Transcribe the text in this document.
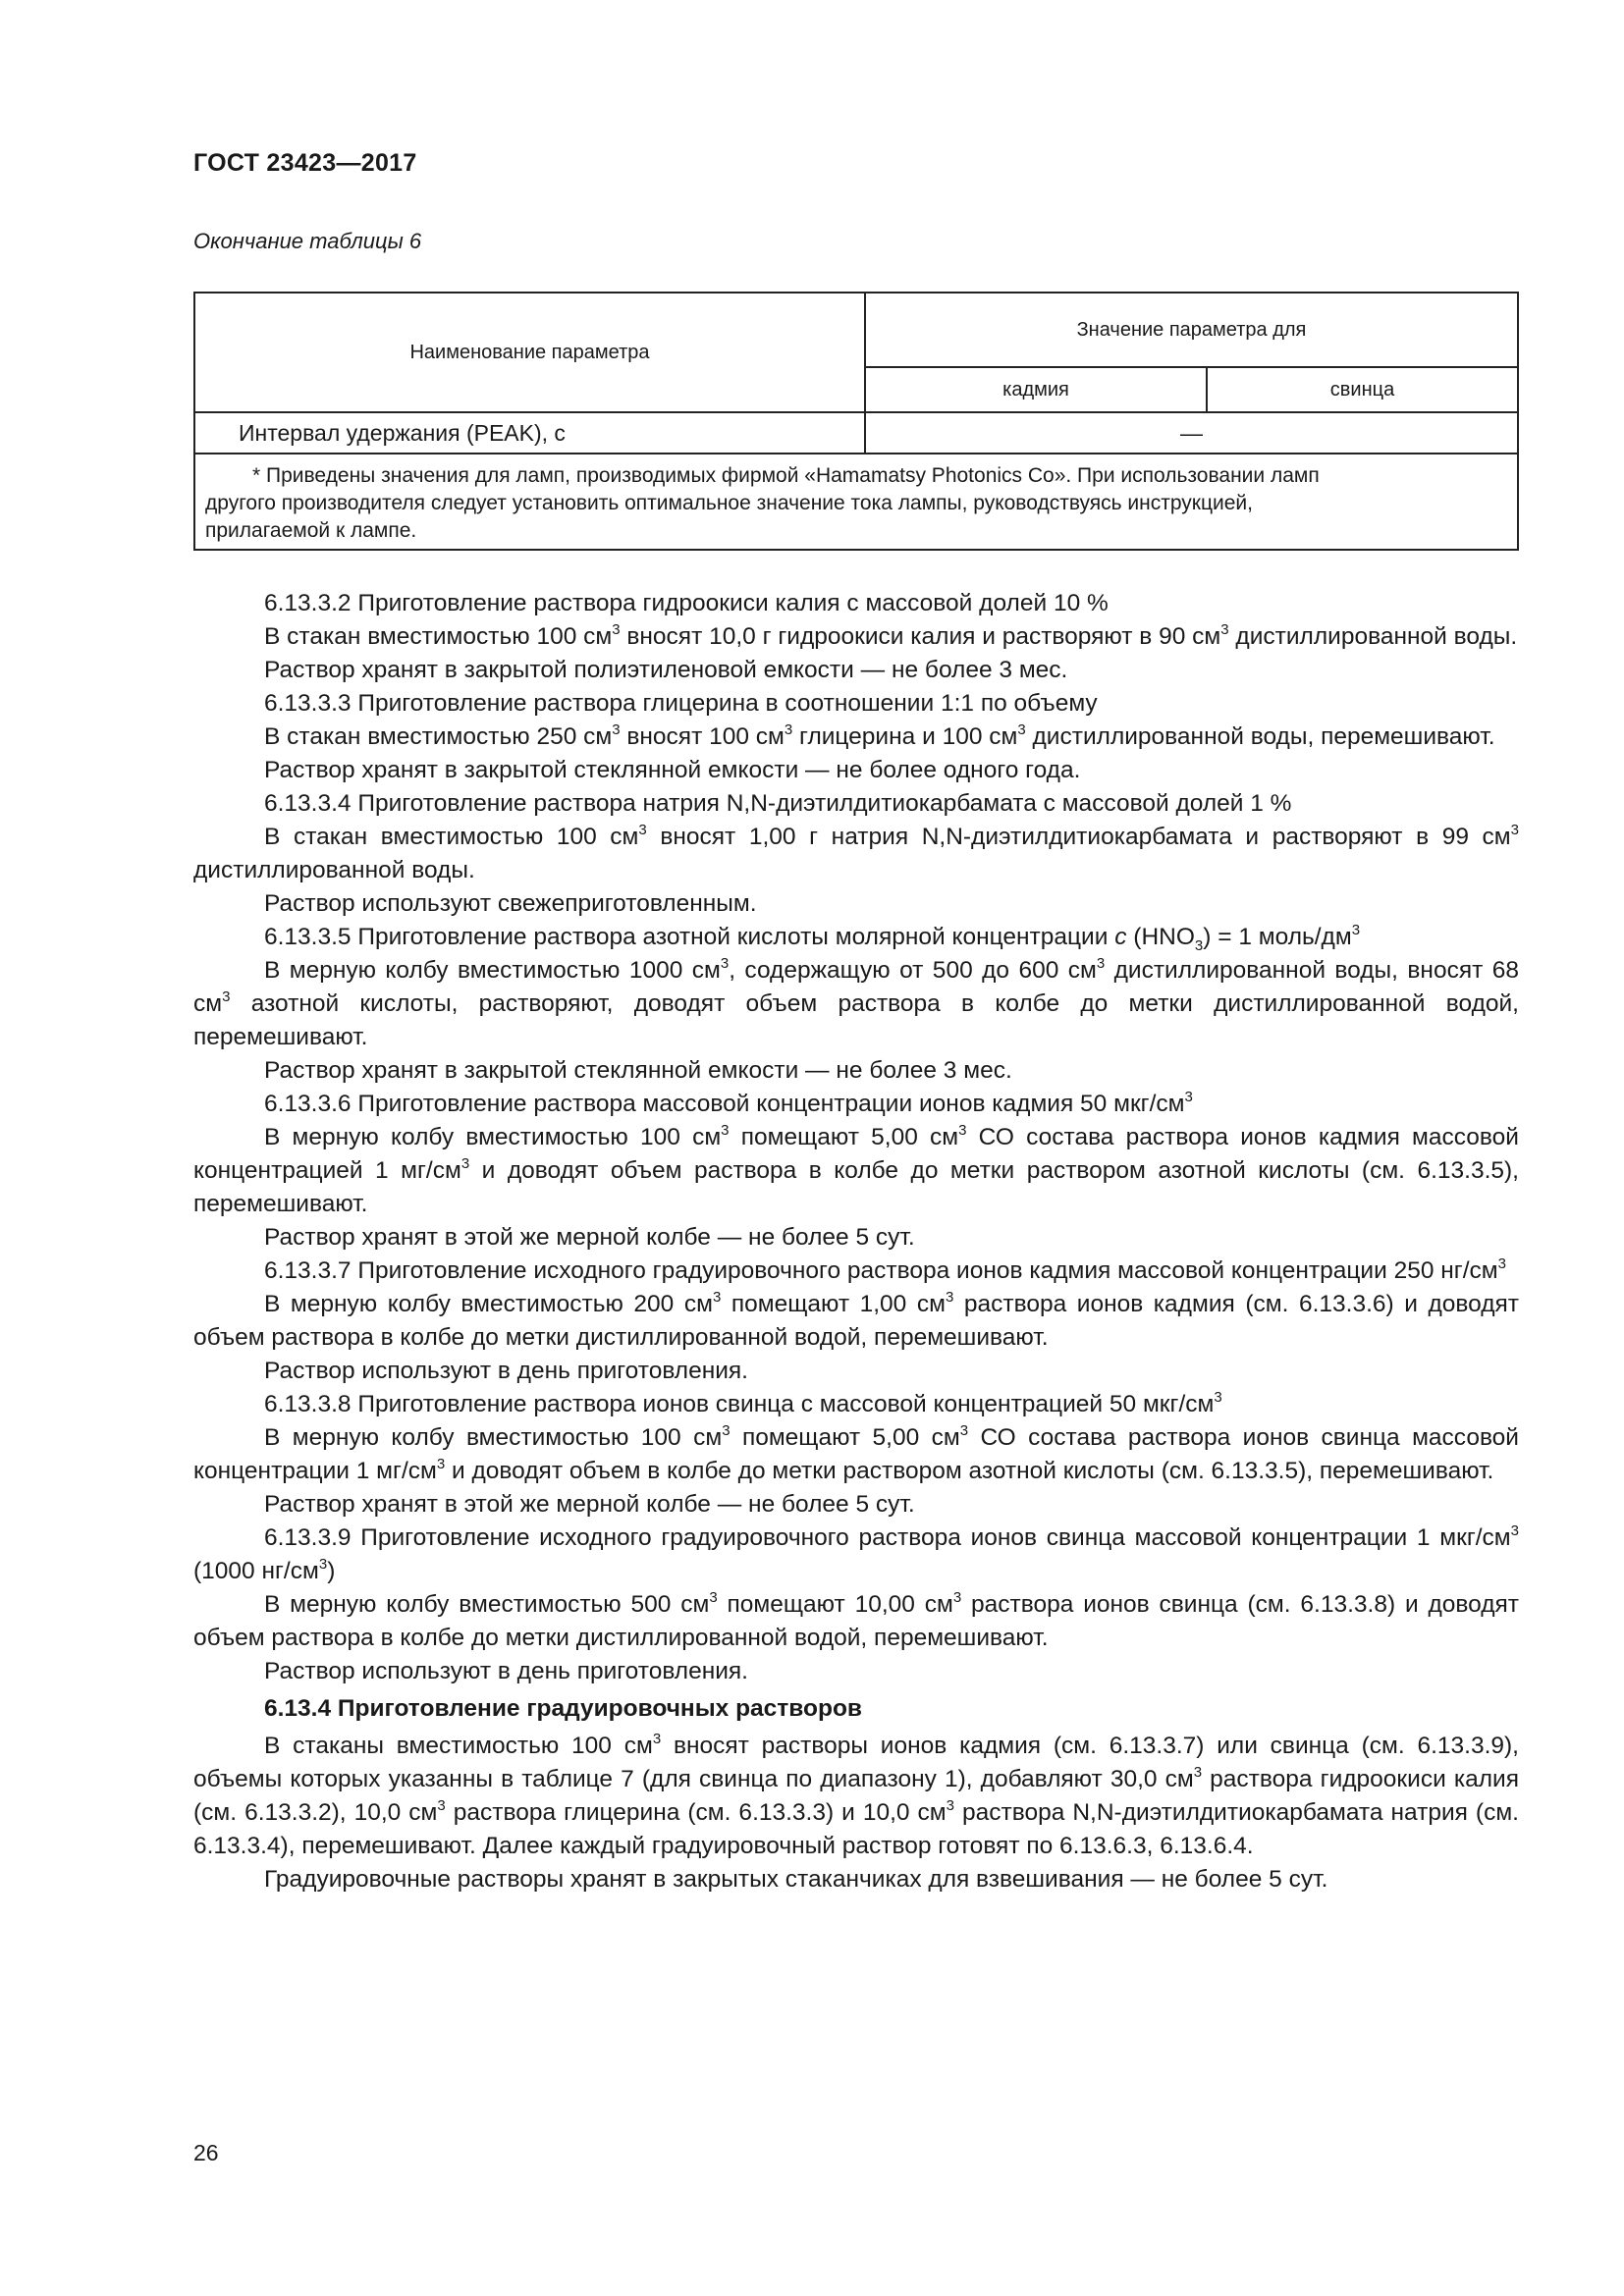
ГОСТ 23423—2017
Окончание таблицы 6
Наименование параметра	Значение параметра для	
	кадмия	свинца
Интервал удержания (PEAK), с	—	

* Приведены значения для ламп, производимых фирмой «Hamamatsy Photonics Co». При использовании ламп
другого производителя следует установить оптимальное значение тока лампы, руководствуясь инструкцией,
прилагаемой к лампе.		

6.13.3.2 Приготовление раствора гидроокиси калия с массовой долей 10 %

В стакан вместимостью 100 $см^3$ вносят 10,0 г гидроокиси калия и растворяют в 90 $см^3$ дистиллированной воды.

Раствор хранят в закрытой полиэтиленовой емкости — не более 3 мес.

6.13.3.3 Приготовление раствора глицерина в соотношении 1:1 по объему

В стакан вместимостью 250 $см^3$ вносят 100 $см^3$ глицерина и 100 $см^3$ дистиллированной воды, перемешивают.

Раствор хранят в закрытой стеклянной емкости — не более одного года.

6.13.3.4 Приготовление раствора натрия N,N-диэтилдитиокарбамата с массовой долей 1 %

В стакан вместимостью 100 $см^3$ вносят 1,00 г натрия N,N-диэтилдитиокарбамата и растворяют в 99 $см^3$ дистиллированной воды.

Раствор используют свежеприготовленным.

6.13.3.5 Приготовление раствора азотной кислоты молярной концентрации с $(HNO_3) = 1$ моль/$дм^3$

В мерную колбу вместимостью 1000 $см^3$, содержащую от 500 до 600 $см^3$ дистиллированной воды, вносят 68 $см^3$ азотной кислоты, растворяют, доводят объем раствора в колбе до метки дистиллированной водой, перемешивают.

Раствор хранят в закрытой стеклянной емкости — не более 3 мес.

6.13.3.6 Приготовление раствора массовой концентрации ионов кадмия 50 мкг/$см^3$

В мерную колбу вместимостью 100 $см^3$ помещают 5,00 $см^3$ СО состава раствора ионов кадмия массовой концентрацией 1 $мг/см^3$ и доводят объем раствора в колбе до метки раствором азотной кислоты (см. 6.13.3.5), перемешивают.

Раствор хранят в этой же мерной колбе — не более 5 сут.

6.13.3.7 Приготовление исходного градуировочного раствора ионов кадмия массовой концентрации 250 $нг/см^3$

В мерную колбу вместимостью 200 $см^3$ помещают 1,00 $см^3$ раствора ионов кадмия (см. 6.13.3.6) и доводят объем раствора в колбе до метки дистиллированной водой, перемешивают.

Раствор используют в день приготовления.

6.13.3.8 Приготовление раствора ионов свинца с массовой концентрацией 50 мкг/$см^3$

В мерную колбу вместимостью 100 $см^3$ помещают 5,00 $см^3$ СО состава раствора ионов свинца массовой концентрации 1 $мг/см^3$ и доводят объем в колбе до метки раствором азотной кислоты (см. 6.13.3.5), перемешивают.

Раствор хранят в этой же мерной колбе — не более 5 сут.

6.13.3.9 Приготовление исходного градуировочного раствора ионов свинца массовой концентрации 1 мкг/$см^3$ (1000 $нг/см^3$)

В мерную колбу вместимостью 500 $см^3$ помещают 10,00 $см^3$ раствора ионов свинца (см. 6.13.3.8) и доводят объем раствора в колбе до метки дистиллированной водой, перемешивают.

Раствор используют в день приготовления.

6.13.4 Приготовление градуировочных растворов

В стаканы вместимостью 100 $см^3$ вносят растворы ионов кадмия (см. 6.13.3.7) или свинца (см. 6.13.3.9), объемы которых указанны в таблице 7 (для свинца по диапазону 1), добавляют 30,0 $см^3$ раствора гидроокиси калия (см. 6.13.3.2), 10,0 $см^3$ раствора глицерина (см. 6.13.3.3) и 10,0 $см^3$ раствора N,N-диэтилдитиокарбамата натрия (см. 6.13.3.4), перемешивают. Далее каждый градуировочный раствор готовят по 6.13.6.3, 6.13.6.4.

Градуировочные растворы хранят в закрытых стаканчиках для взвешивания — не более 5 сут.

26
